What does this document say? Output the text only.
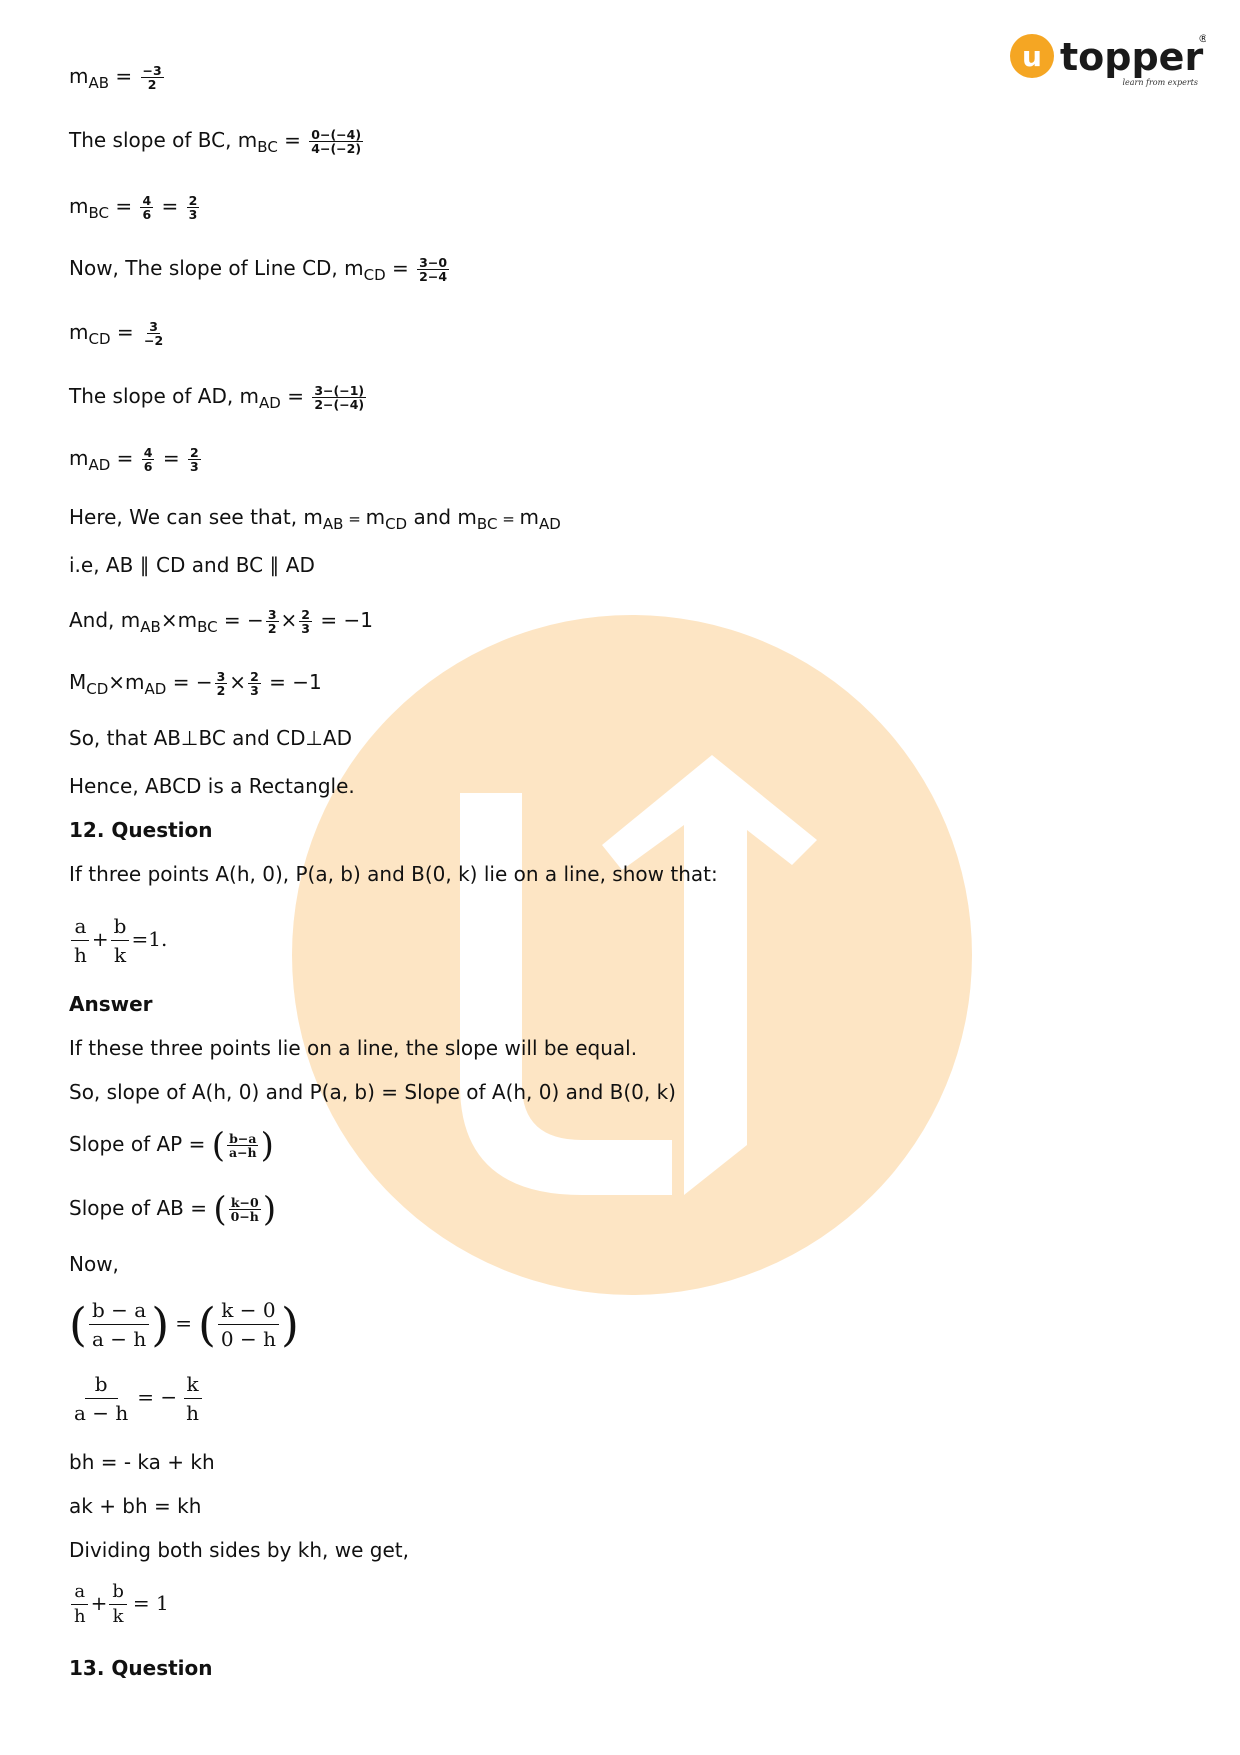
u topper
®
learn from experts
$m_{AB} = \frac{-3}{2}$
The slope of BC, $m_{BC} = \frac{0-(-4)}{4-(-2)}$
$m_{BC} = \frac{4}{6} = \frac{2}{3}$
Now, The slope of Line CD, $m_{CD} = \frac{3-0}{2-4}$
$m_{CD} = \frac{3}{-2}$
The slope of AD, $m_{AD} = \frac{3-(-1)}{2-(-4)}$
$m_{AD} = \frac{4}{6} = \frac{2}{3}$
Here, We can see that, $m_{AB} = m_{CD}$ and $m_{BC} = m_{AD}$
i.e, AB ∥ CD and BC ∥ AD
And, $m_{AB}\times m_{BC}$ = − $\frac{3}{2} \times \frac{2}{3} = -1$
$M_{CD}\times m_{AD}$ = − $\frac{3}{2} \times \frac{2}{3} = -1$
So, that AB⊥BC and CD⊥AD
Hence, ABCD is a Rectangle.
12. Question
If three points A(h, 0), P(a, b) and B(0, k) lie on a line, show that:
$\frac{a}{h} + \frac{b}{k} =1$.
Answer
If these three points lie on a line, the slope will be equal.
So, slope of A(h, 0) and P(a, b) = Slope of A(h, 0) and B(0, k)
Slope of AP = ( $\frac{b-a}{a-h}$ )
Slope of AB = ( $\frac{k-0}{0-h}$ )
Now,
( $\frac{b - a}{a - h}$ ) = ( $\frac{k - 0}{0 - h}$ )
$\frac{b}{a - h}$ = − $\frac{k}{h}$
bh = - ka + kh
ak + bh = kh
Dividing both sides by kh, we get,
$\frac{a}{h} + \frac{b}{k} = 1$
13. Question
